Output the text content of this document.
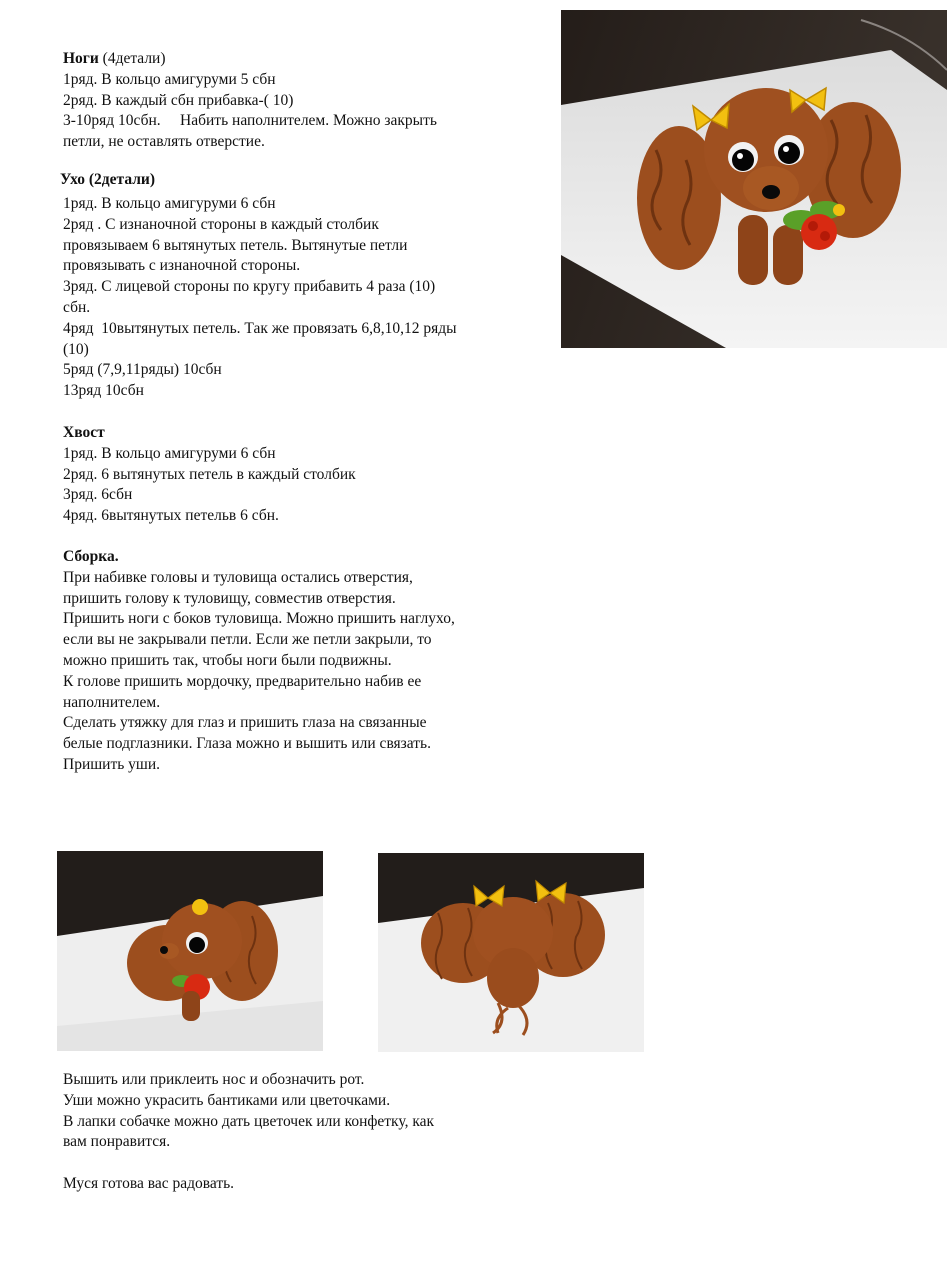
Ноги (4детали)
1ряд. В кольцо амигуруми 5 сбн
2ряд. В каждый сбн прибавка-( 10)
3-10ряд 10сбн.     Набить наполнителем. Можно закрыть
петли, не оставлять отверстие.
Ухо (2детали)
1ряд. В кольцо амигуруми 6 сбн
2ряд . С изнаночной стороны в каждый столбик
провязываем 6 вытянутых петель. Вытянутые петли
провязывать с изнаночной стороны.
3ряд. С лицевой стороны по кругу прибавить 4 раза (10)
сбн.
4ряд  10вытянутых петель. Так же провязать 6,8,10,12 ряды
(10)
5ряд (7,9,11ряды) 10сбн
13ряд 10сбн
Хвост
1ряд. В кольцо амигуруми 6 сбн
2ряд. 6 вытянутых петель в каждый столбик
3ряд. 6сбн
4ряд. 6вытянутых петельв 6 сбн.
Сборка.
При набивке головы и туловища остались отверстия,
пришить голову к туловищу, совместив отверстия.
Пришить ноги с боков туловища. Можно пришить наглухо,
если вы не закрывали петли. Если же петли закрыли, то
можно пришить так, чтобы ноги были подвижны.
К голове пришить мордочку, предварительно набив ее
наполнителем.
Сделать утяжку для глаз и пришить глаза на связанные
белые подглазники. Глаза можно и вышить или связать.
Пришить уши.
Вышить или приклеить нос и обозначить рот.
Уши можно украсить бантиками или цветочками.
В лапки собачке можно дать цветочек или конфетку, как
вам понравится.
Муся готова вас радовать.
